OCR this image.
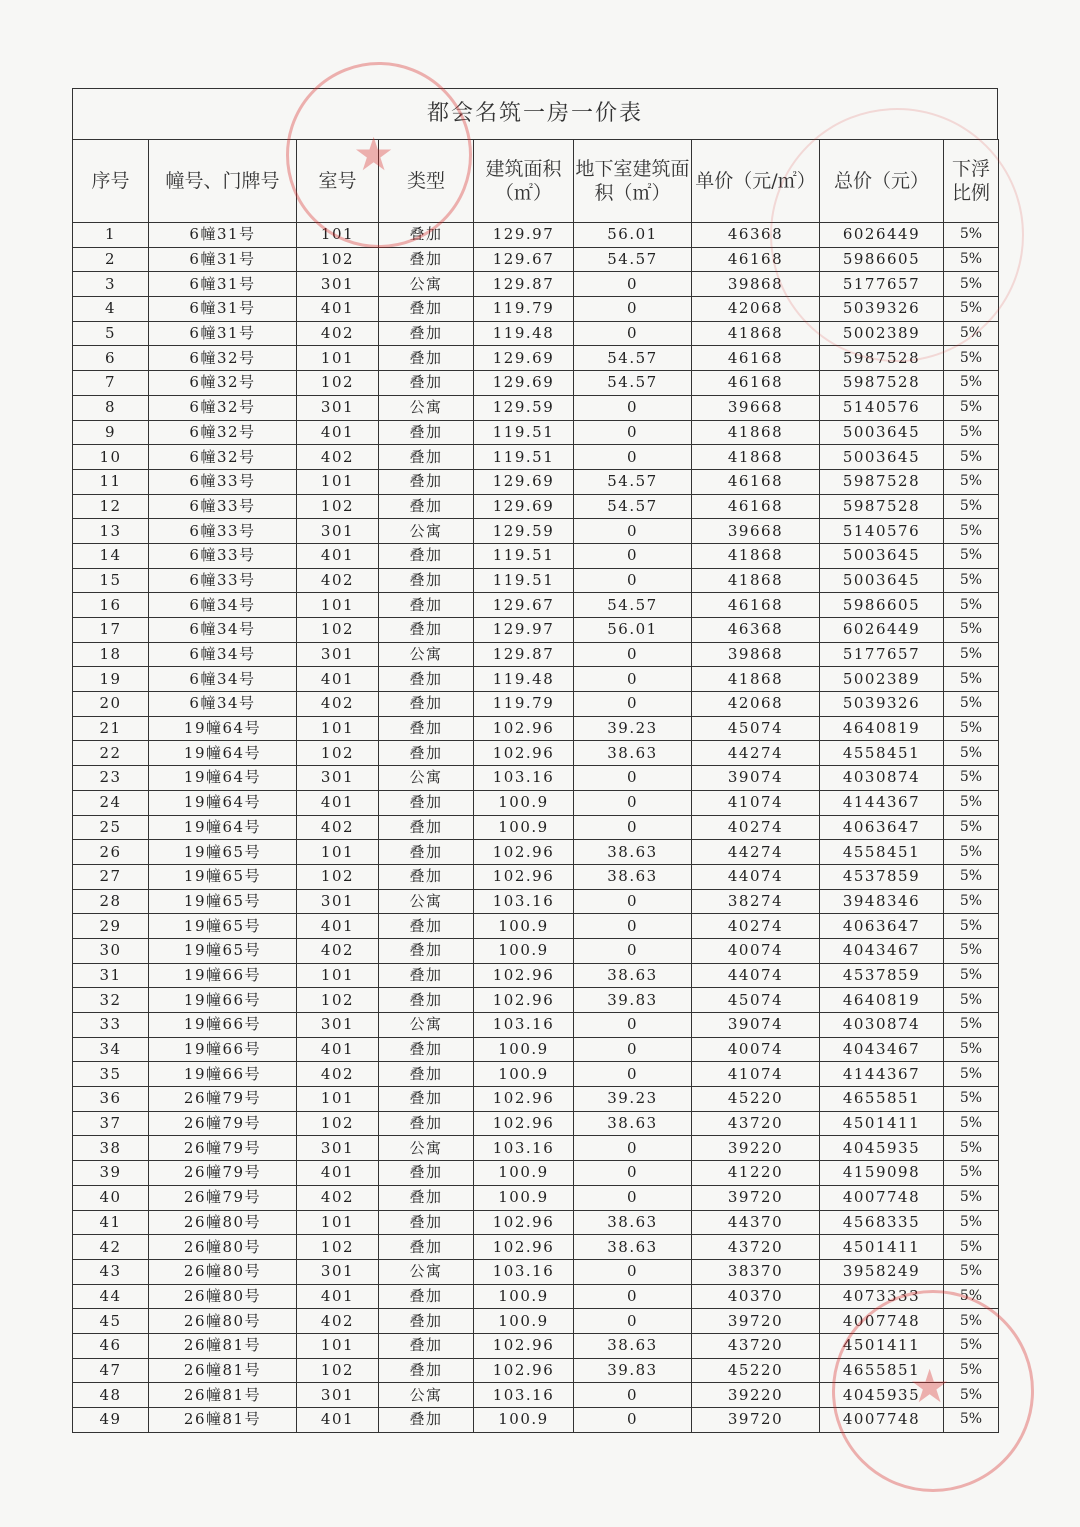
都会名筑一房一价表
序号	幢号、门牌号	室号	类型	建筑面积（㎡）	地下室建筑面积（㎡）	单价（元/㎡）	总价（元）	下浮比例
1	6幢31号	101	叠加	129.97	56.01	46368	6026449	5%
2	6幢31号	102	叠加	129.67	54.57	46168	5986605	5%
3	6幢31号	301	公寓	129.87	0	39868	5177657	5%
4	6幢31号	401	叠加	119.79	0	42068	5039326	5%
5	6幢31号	402	叠加	119.48	0	41868	5002389	5%
6	6幢32号	101	叠加	129.69	54.57	46168	5987528	5%
7	6幢32号	102	叠加	129.69	54.57	46168	5987528	5%
8	6幢32号	301	公寓	129.59	0	39668	5140576	5%
9	6幢32号	401	叠加	119.51	0	41868	5003645	5%
10	6幢32号	402	叠加	119.51	0	41868	5003645	5%
11	6幢33号	101	叠加	129.69	54.57	46168	5987528	5%
12	6幢33号	102	叠加	129.69	54.57	46168	5987528	5%
13	6幢33号	301	公寓	129.59	0	39668	5140576	5%
14	6幢33号	401	叠加	119.51	0	41868	5003645	5%
15	6幢33号	402	叠加	119.51	0	41868	5003645	5%
16	6幢34号	101	叠加	129.67	54.57	46168	5986605	5%
17	6幢34号	102	叠加	129.97	56.01	46368	6026449	5%
18	6幢34号	301	公寓	129.87	0	39868	5177657	5%
19	6幢34号	401	叠加	119.48	0	41868	5002389	5%
20	6幢34号	402	叠加	119.79	0	42068	5039326	5%
21	19幢64号	101	叠加	102.96	39.23	45074	4640819	5%
22	19幢64号	102	叠加	102.96	38.63	44274	4558451	5%
23	19幢64号	301	公寓	103.16	0	39074	4030874	5%
24	19幢64号	401	叠加	100.9	0	41074	4144367	5%
25	19幢64号	402	叠加	100.9	0	40274	4063647	5%
26	19幢65号	101	叠加	102.96	38.63	44274	4558451	5%
27	19幢65号	102	叠加	102.96	38.63	44074	4537859	5%
28	19幢65号	301	公寓	103.16	0	38274	3948346	5%
29	19幢65号	401	叠加	100.9	0	40274	4063647	5%
30	19幢65号	402	叠加	100.9	0	40074	4043467	5%
31	19幢66号	101	叠加	102.96	38.63	44074	4537859	5%
32	19幢66号	102	叠加	102.96	39.83	45074	4640819	5%
33	19幢66号	301	公寓	103.16	0	39074	4030874	5%
34	19幢66号	401	叠加	100.9	0	40074	4043467	5%
35	19幢66号	402	叠加	100.9	0	41074	4144367	5%
36	26幢79号	101	叠加	102.96	39.23	45220	4655851	5%
37	26幢79号	102	叠加	102.96	38.63	43720	4501411	5%
38	26幢79号	301	公寓	103.16	0	39220	4045935	5%
39	26幢79号	401	叠加	100.9	0	41220	4159098	5%
40	26幢79号	402	叠加	100.9	0	39720	4007748	5%
41	26幢80号	101	叠加	102.96	38.63	44370	4568335	5%
42	26幢80号	102	叠加	102.96	38.63	43720	4501411	5%
43	26幢80号	301	公寓	103.16	0	38370	3958249	5%
44	26幢80号	401	叠加	100.9	0	40370	4073333	5%
45	26幢80号	402	叠加	100.9	0	39720	4007748	5%
46	26幢81号	101	叠加	102.96	38.63	43720	4501411	5%
47	26幢81号	102	叠加	102.96	39.83	45220	4655851	5%
48	26幢81号	301	公寓	103.16	0	39220	4045935	5%
49	26幢81号	401	叠加	100.9	0	39720	4007748	5%
★
★
